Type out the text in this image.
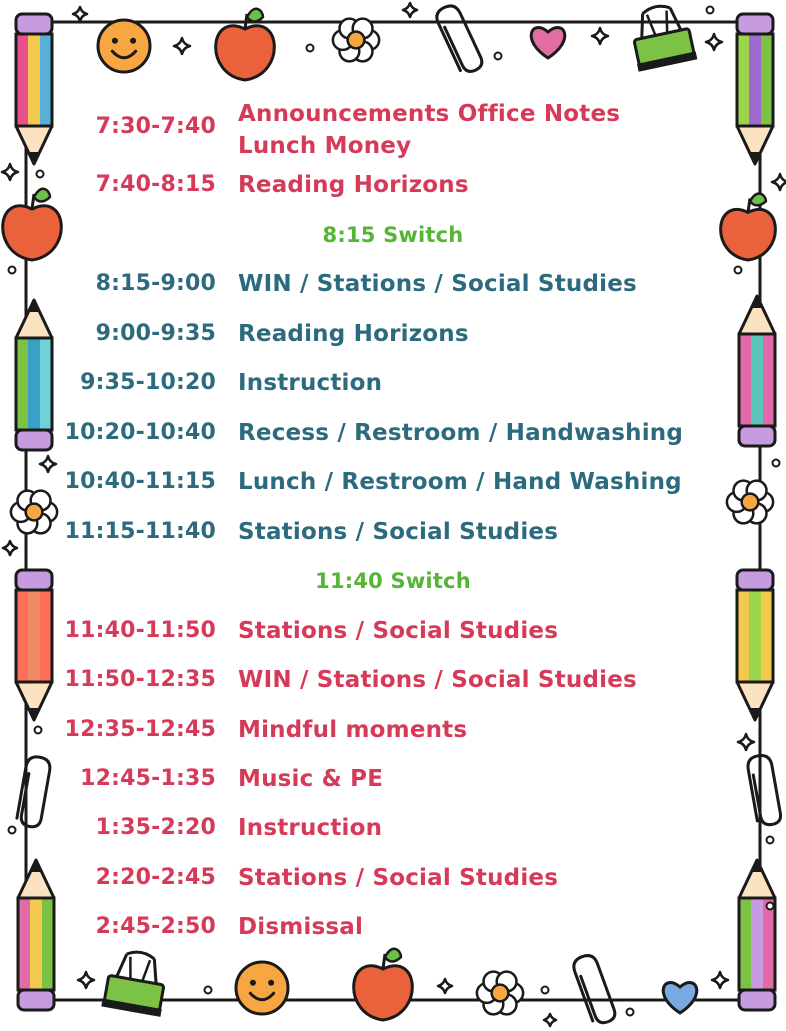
7:30-7:40 Announcements Office Notes Lunch Money
7:40-8:15 Reading Horizons
8:15 Switch
8:15-9:00 WIN / Stations / Social Studies
9:00-9:35 Reading Horizons
9:35-10:20 Instruction
10:20-10:40 Recess / Restroom / Handwashing
10:40-11:15 Lunch / Restroom / Hand Washing
11:15-11:40 Stations / Social Studies
11:40 Switch
11:40-11:50 Stations / Social Studies
11:50-12:35 WIN / Stations / Social Studies
12:35-12:45 Mindful moments
12:45-1:35 Music & PE
1:35-2:20 Instruction
2:20-2:45 Stations / Social Studies
2:45-2:50 Dismissal
